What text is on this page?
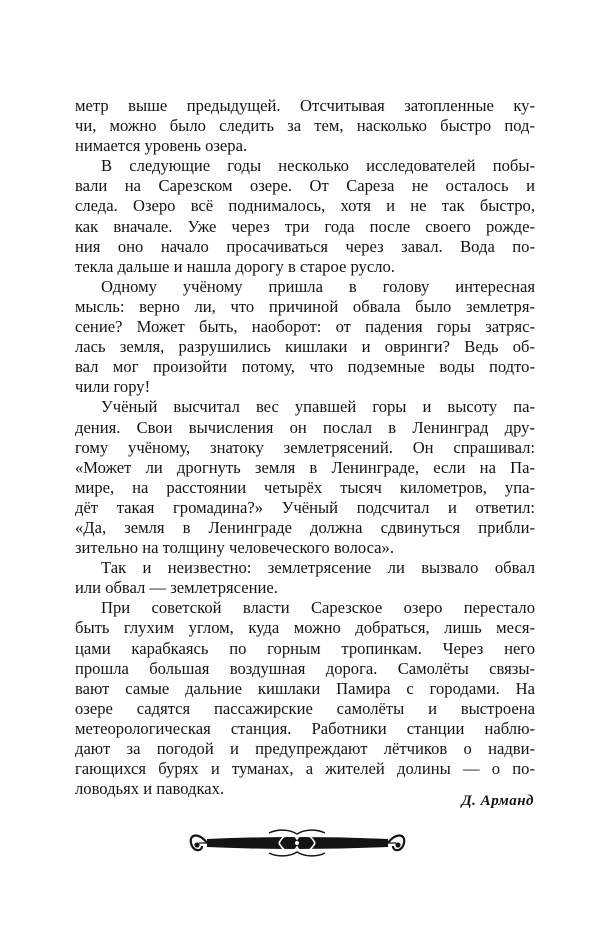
метр выше предыдущей. Отсчитывая затопленные ку-
чи, можно было следить за тем, насколько быстро под-
нимается уровень озера.
В следующие годы несколько исследователей побы-
вали на Сарезском озере. От Сареза не осталось и
следа. Озеро всё поднималось, хотя и не так быстро,
как вначале. Уже через три года после своего рожде-
ния оно начало просачиваться через завал. Вода по-
текла дальше и нашла дорогу в старое русло.
Одному учёному пришла в голову интересная
мысль: верно ли, что причиной обвала было землетря-
сение? Может быть, наоборот: от падения горы затряс-
лась земля, разрушились кишлаки и овринги? Ведь об-
вал мог произойти потому, что подземные воды подто-
чили гору!
Учёный высчитал вес упавшей горы и высоту па-
дения. Свои вычисления он послал в Ленинград дру-
гому учёному, знатоку землетрясений. Он спрашивал:
«Может ли дрогнуть земля в Ленинграде, если на Па-
мире, на расстоянии четырёх тысяч километров, упа-
дёт такая громадина?» Учёный подсчитал и ответил:
«Да, земля в Ленинграде должна сдвинуться прибли-
зительно на толщину человеческого волоса».
Так и неизвестно: землетрясение ли вызвало обвал
или обвал — землетрясение.
При советской власти Сарезское озеро перестало
быть глухим углом, куда можно добраться, лишь меся-
цами карабкаясь по горным тропинкам. Через него
прошла большая воздушная дорога. Самолёты связы-
вают самые дальние кишлаки Памира с городами. На
озере садятся пассажирские самолёты и выстроена
метеорологическая станция. Работники станции наблю-
дают за погодой и предупреждают лётчиков о надви-
гающихся бурях и туманах, а жителей долины — о по-
ловодьях и паводках.
Д. Арманд
